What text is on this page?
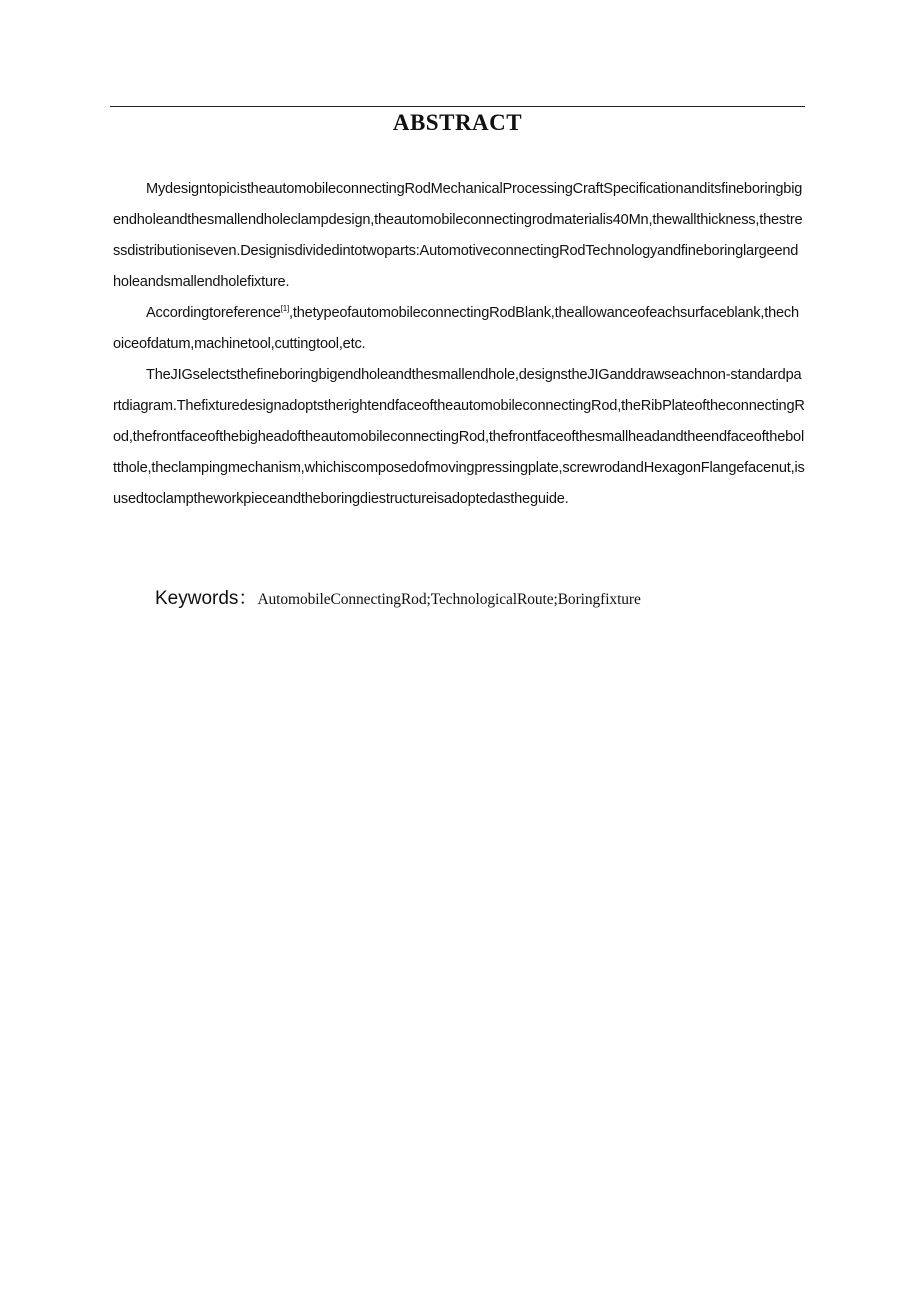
ABSTRACT

MydesigntopicistheautomobileconnectingRodMechanicalProcessingCraftSpecificationanditsfineboringbigendholeandthesmallendholeclampdesign,theautomobileconnectingrodmaterialis40Mn,thewallthickness,thestressdistributioniseven.Designisdividedintotwoparts:AutomotiveconnectingRodTechnologyandfineboringlargeendholeandsmallendholefixture.

Accordingtoreference[1],thetypeofautomobileconnectingRodBlank,theallowanceofeachsurfaceblank,thechoiceofdatum,machinetool,cuttingtool,etc.

TheJIGselectsthefineboringbigendholeandthesmallendhole,designstheJIGanddrawseachnon-standardpartdiagram.ThefixturedesignadoptstherightendfaceoftheautomobileconnectingRod,theRibPlateoftheconnectingRod,thefrontfaceofthebigheadoftheautomobileconnectingRod,thefrontfaceofthesmallheadandtheendfaceoftheboltthole,theclampingmechanism,whichiscomposedofmovingpressingplate,screwrodandHexagonFlangefacenut,isusedtoclamptheworkpieceandtheboringdiestructureisadoptedastheguide.

Keywords：AutomobileConnectingRod;TechnologicalRoute;Boringfixture
